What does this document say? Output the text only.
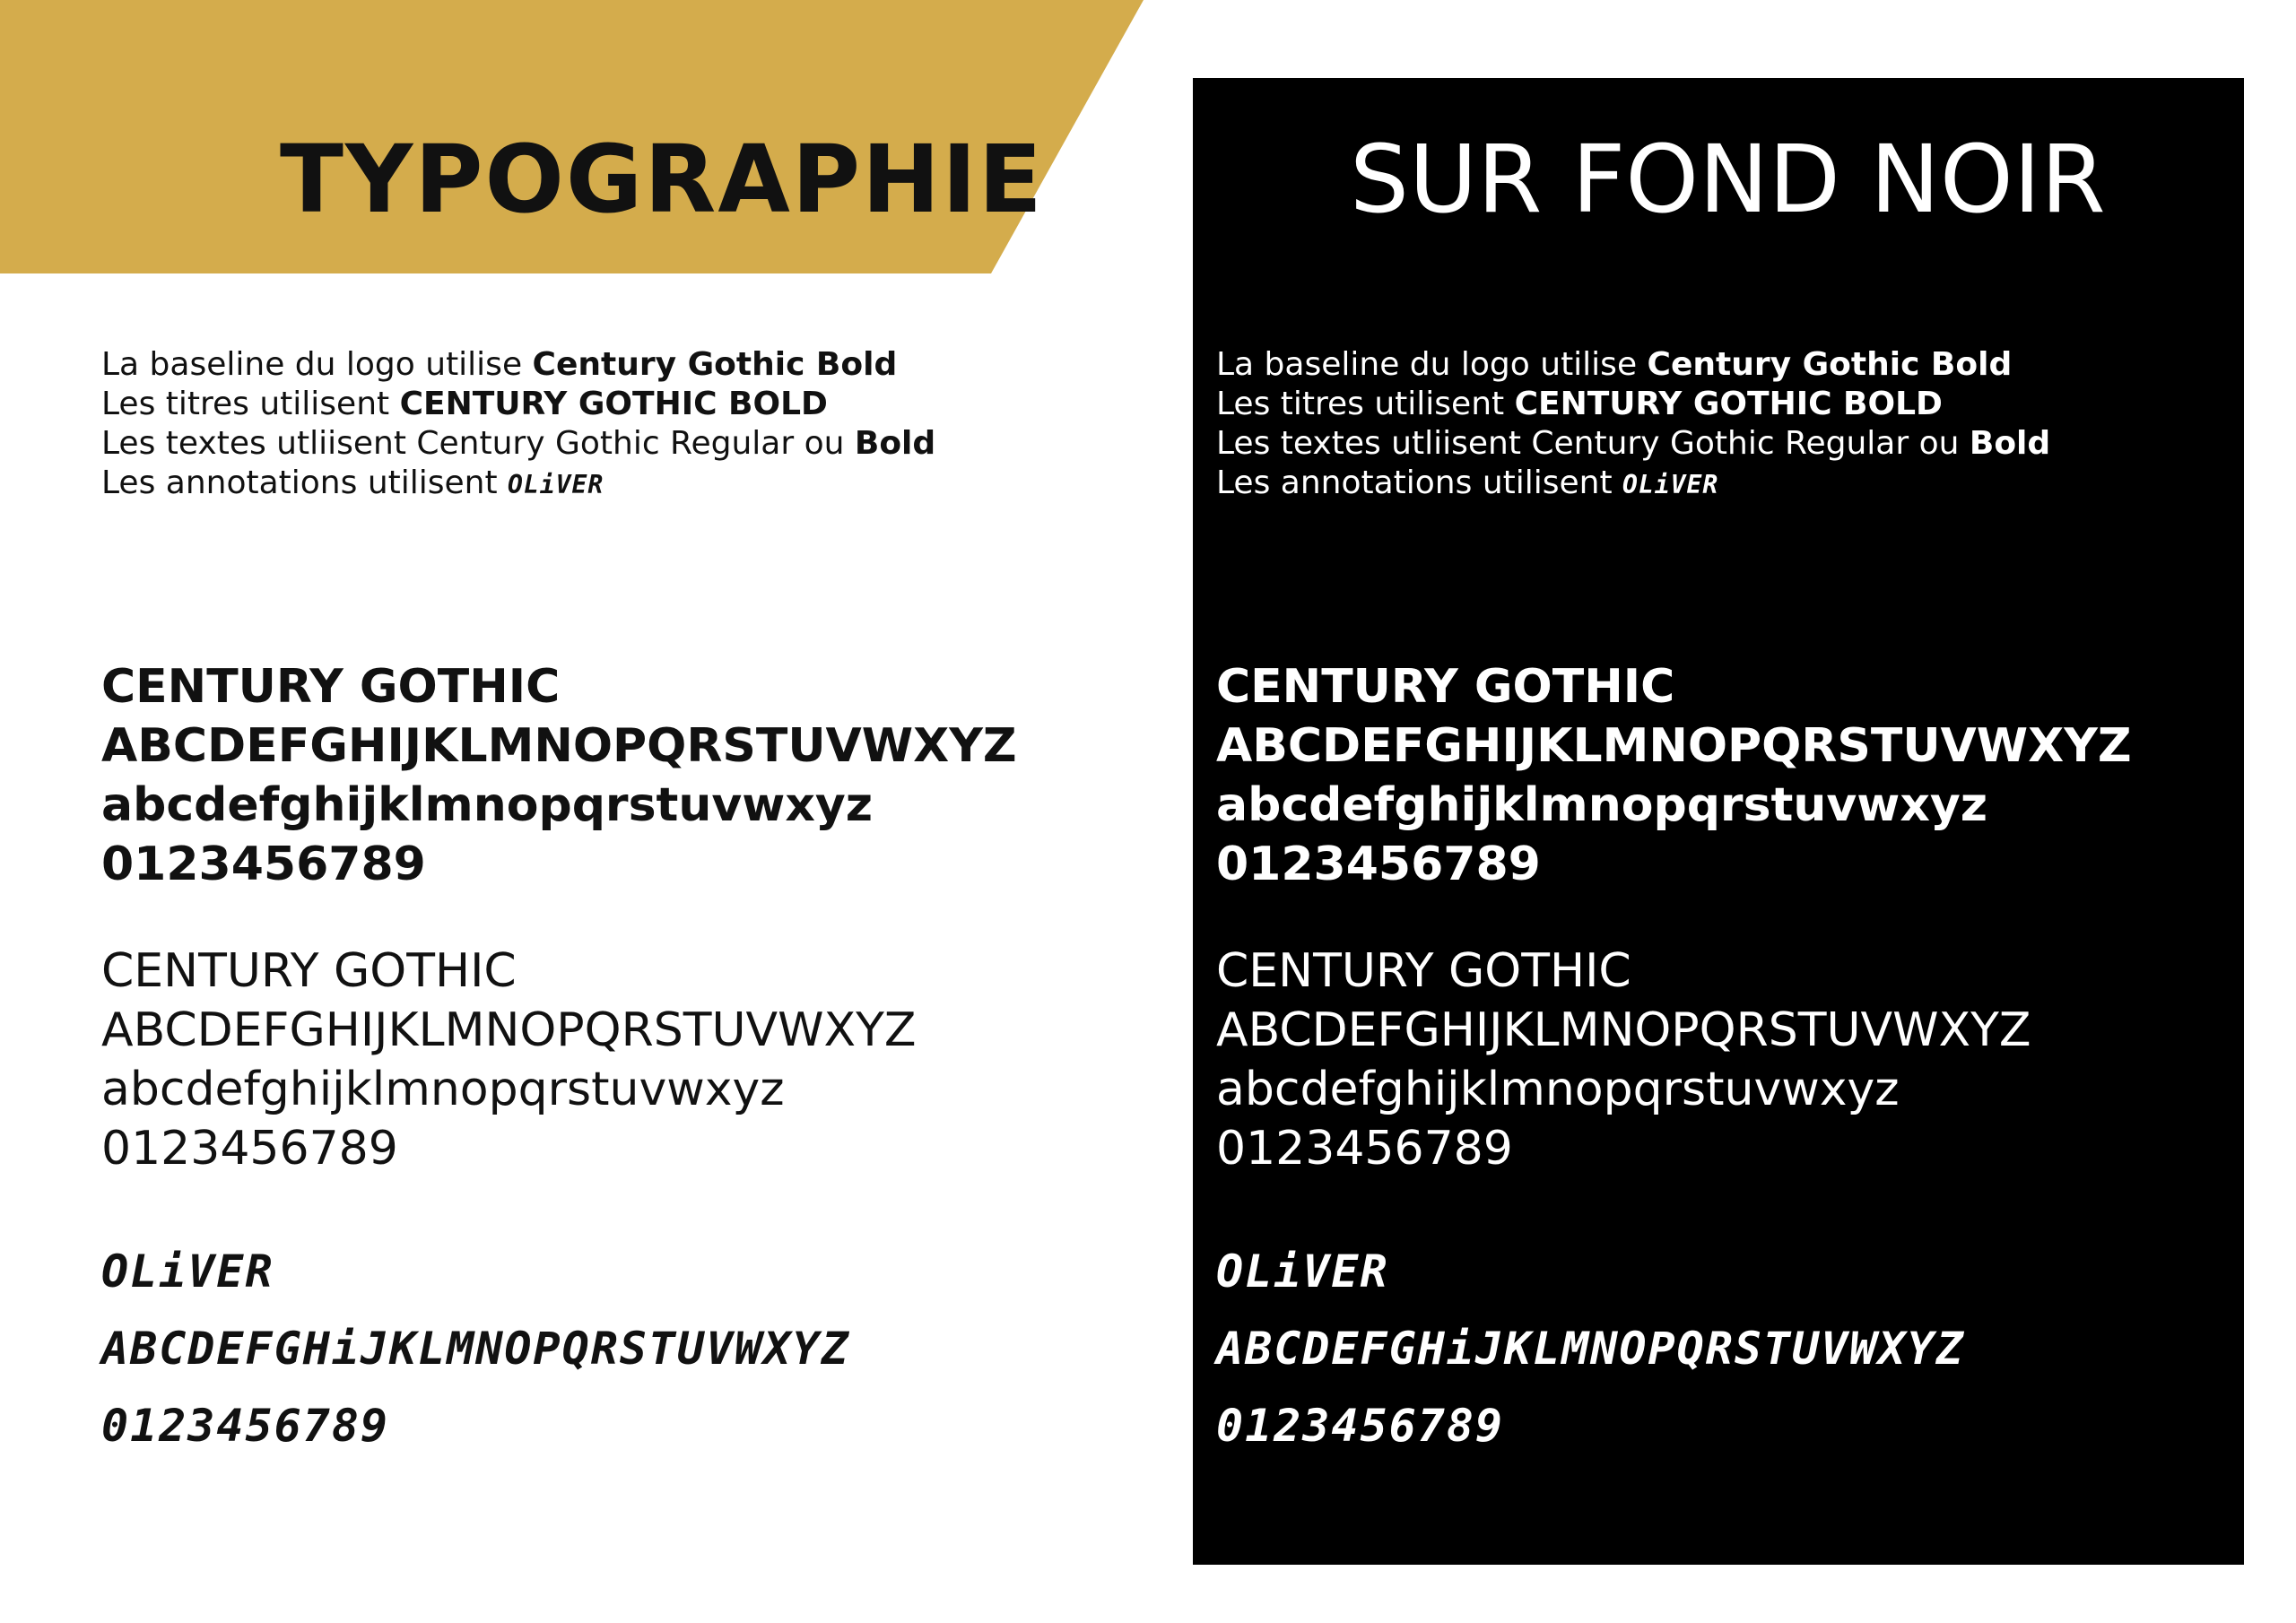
TYPOGRAPHIE	SUR FOND NOIR
La baseline du logo utilise Century Gothic Bold
Les titres utilisent CENTURY GOTHIC BOLD
Les textes utliisent Century Gothic Regular ou Bold
Les annotations utilisent OLiVER
La baseline du logo utilise Century Gothic Bold
Les titres utilisent CENTURY GOTHIC BOLD
Les textes utliisent Century Gothic Regular ou Bold
Les annotations utilisent OLiVER
CENTURY GOTHIC
ABCDEFGHIJKLMNOPQRSTUVWXYZ
abcdefghijklmnopqrstuvwxyz
0123456789
CENTURY GOTHIC
ABCDEFGHIJKLMNOPQRSTUVWXYZ
abcdefghijklmnopqrstuvwxyz
0123456789
OLiVER
ABCDEFGHiJKLMNOPQRSTUVWXYZ
0123456789
CENTURY GOTHIC
ABCDEFGHIJKLMNOPQRSTUVWXYZ
abcdefghijklmnopqrstuvwxyz
0123456789
CENTURY GOTHIC
ABCDEFGHIJKLMNOPQRSTUVWXYZ
abcdefghijklmnopqrstuvwxyz
0123456789
OLiVER
ABCDEFGHiJKLMNOPQRSTUVWXYZ
0123456789
